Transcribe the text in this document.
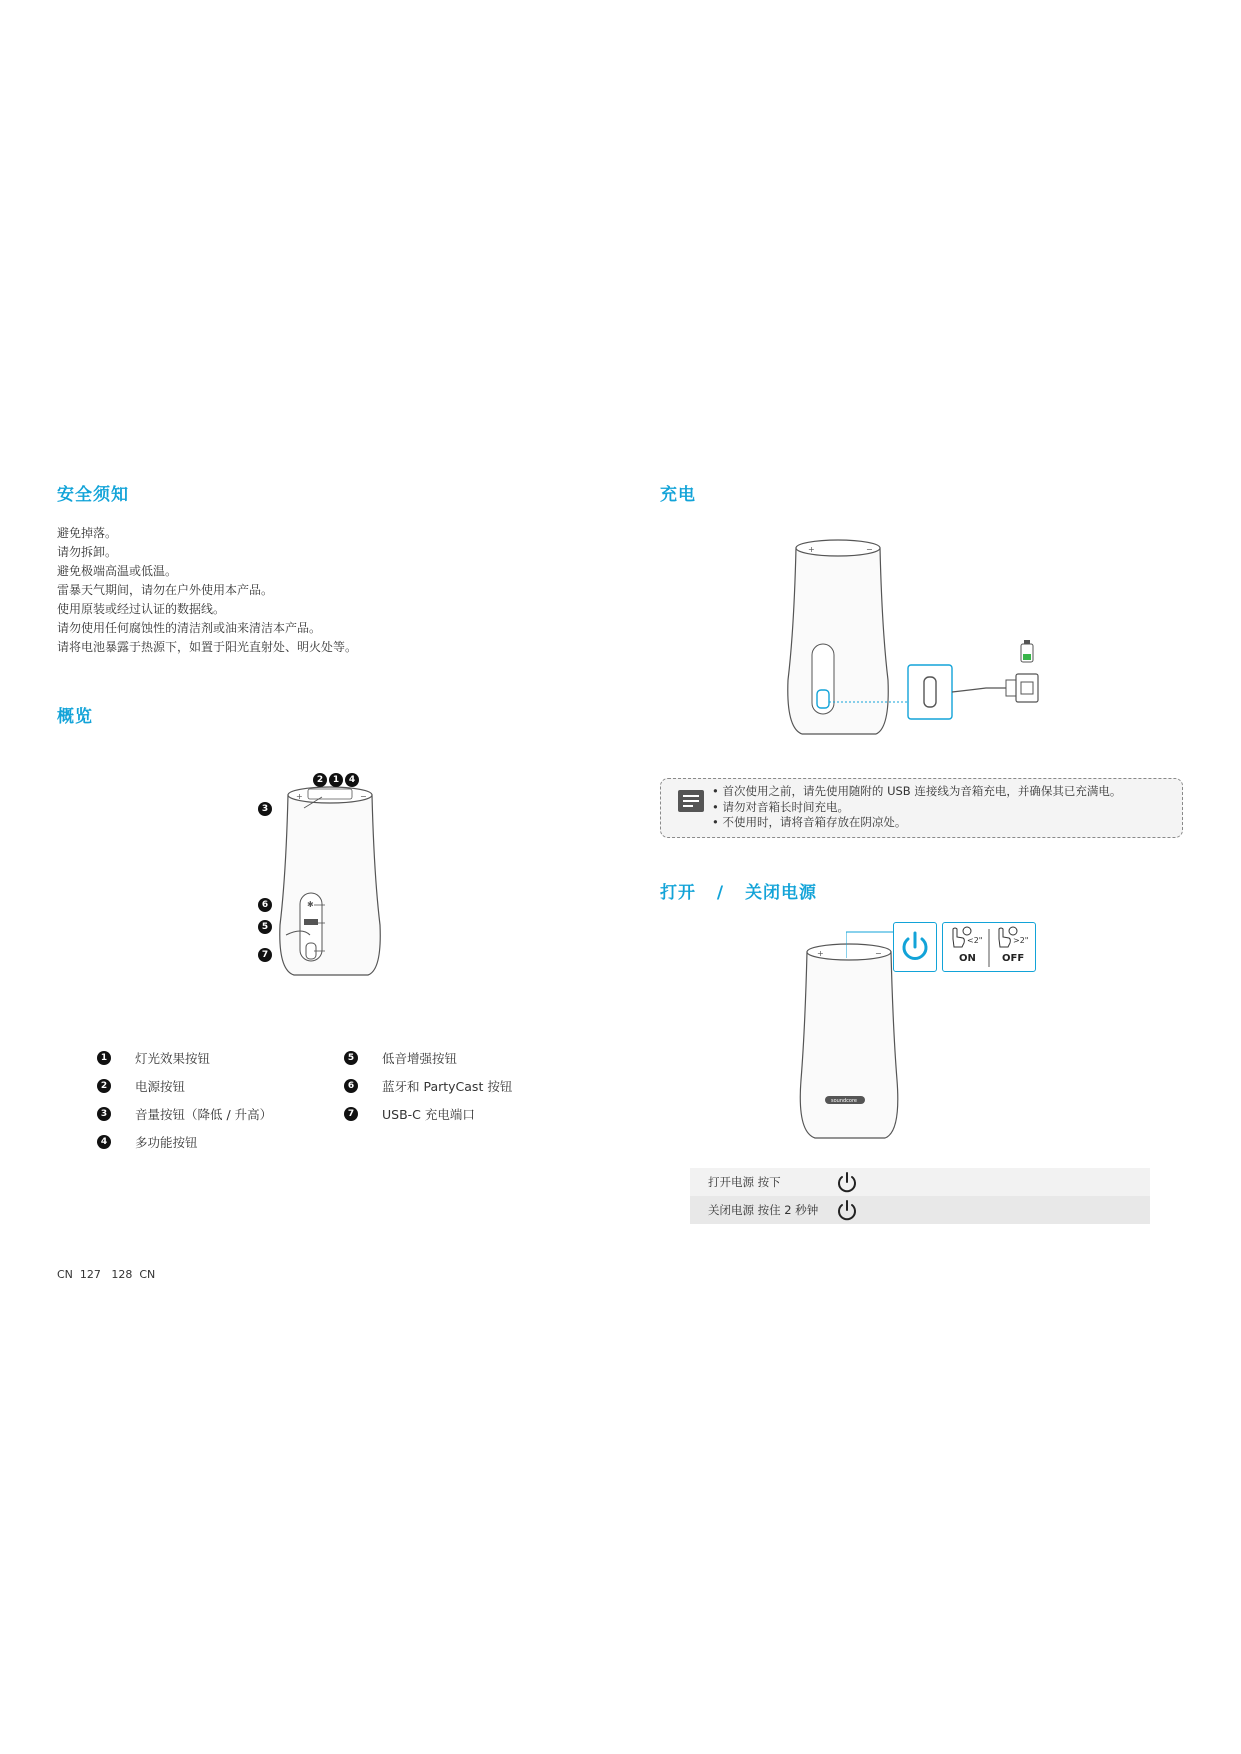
安全须知
避免掉落。
请勿拆卸。
避免极端高温或低温。
雷暴天气期间，请勿在户外使用本产品。
使用原装或经过认证的数据线。
请勿使用任何腐蚀性的清洁剂或油来清洁本产品。
请将电池暴露于热源下，如置于阳光直射处、明火处等。
概览
+	−
✱
2	1	4
3
6
5
7
1	灯光效果按钮
2	电源按钮
3	音量按钮（降低 / 升高）
4	多功能按钮
5	低音增强按钮
6	蓝牙和 PartyCast 按钮
7	USB-C 充电端口
充电
+	−
• 首次使用之前，请先使用随附的 USB 连接线为音箱充电，并确保其已充满电。
• 请勿对音箱长时间充电。
• 不使用时，请将音箱存放在阴凉处。
打开 / 关闭电源
+	−
soundcore
<2"	>2"
ON	OFF
打开电源 按下
关闭电源 按住 2 秒钟
CN  127   128  CN
